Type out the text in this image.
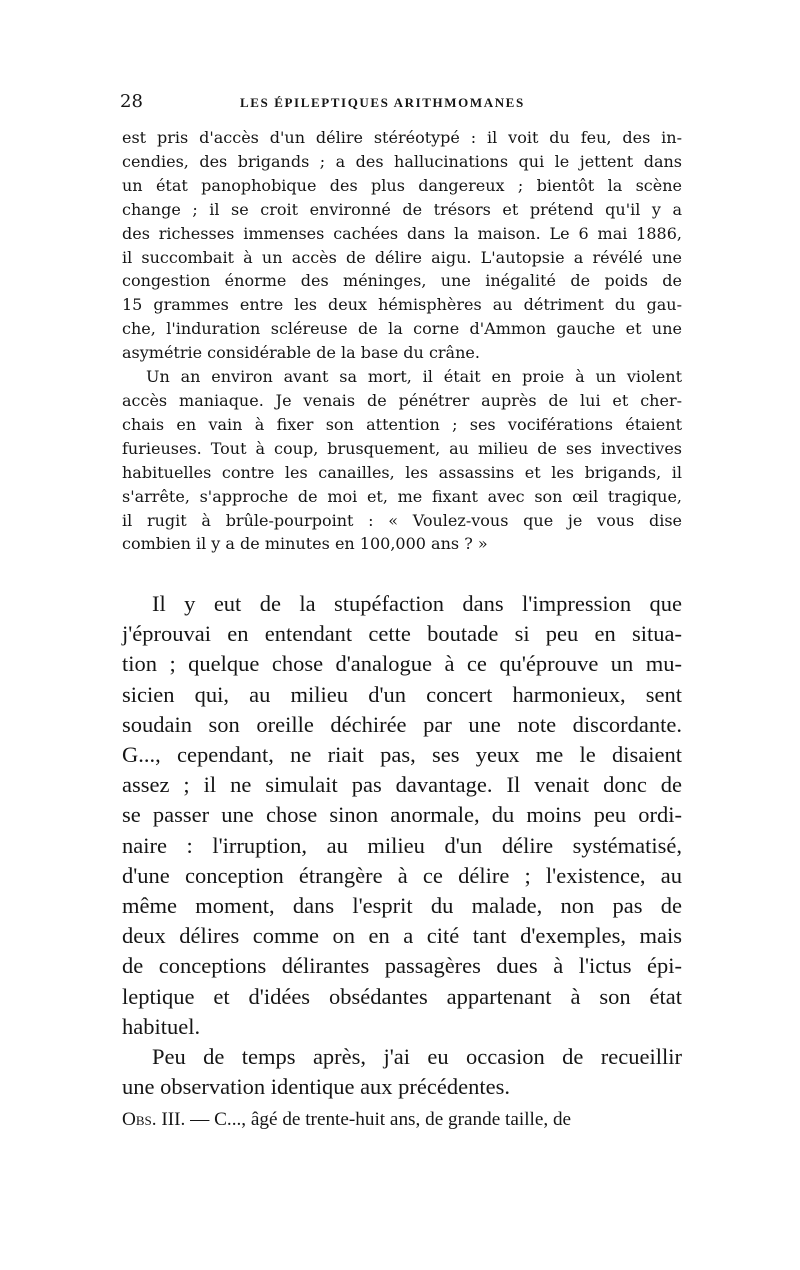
28	LES ÉPILEPTIQUES ARITHMOMANES
est pris d'accès d'un délire stéréotypé : il voit du feu, des in-
cendies, des brigands ; a des hallucinations qui le jettent dans
un état panophobique des plus dangereux ; bientôt la scène
change ; il se croit environné de trésors et prétend qu'il y a
des richesses immenses cachées dans la maison. Le 6 mai 1886,
il succombait à un accès de délire aigu. L'autopsie a révélé une
congestion énorme des méninges, une inégalité de poids de
15 grammes entre les deux hémisphères au détriment du gau-
che, l'induration scléreuse de la corne d'Ammon gauche et une
asymétrie considérable de la base du crâne.
Un an environ avant sa mort, il était en proie à un violent
accès maniaque. Je venais de pénétrer auprès de lui et cher-
chais en vain à fixer son attention ; ses vociférations étaient
furieuses. Tout à coup, brusquement, au milieu de ses invectives
habituelles contre les canailles, les assassins et les brigands, il
s'arrête, s'approche de moi et, me fixant avec son œil tragique,
il rugit à brûle-pourpoint : « Voulez-vous que je vous dise
combien il y a de minutes en 100,000 ans ? »
Il y eut de la stupéfaction dans l'impression que
j'éprouvai en entendant cette boutade si peu en situa-
tion ; quelque chose d'analogue à ce qu'éprouve un mu-
sicien qui, au milieu d'un concert harmonieux, sent
soudain son oreille déchirée par une note discordante.
G..., cependant, ne riait pas, ses yeux me le disaient
assez ; il ne simulait pas davantage. Il venait donc de
se passer une chose sinon anormale, du moins peu ordi-
naire : l'irruption, au milieu d'un délire systématisé,
d'une conception étrangère à ce délire ; l'existence, au
même moment, dans l'esprit du malade, non pas de
deux délires comme on en a cité tant d'exemples, mais
de conceptions délirantes passagères dues à l'ictus épi-
leptique et d'idées obsédantes appartenant à son état
habituel.
Peu de temps après, j'ai eu occasion de recueillir
une observation identique aux précédentes.
Obs. III. — C..., âgé de trente-huit ans, de grande taille, de
